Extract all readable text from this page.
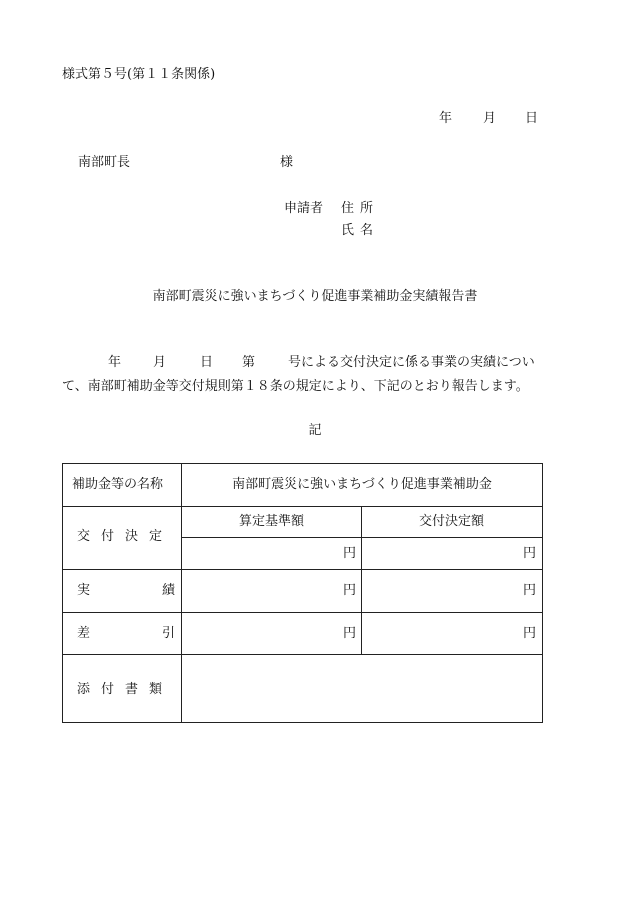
様式第５号(第１１条関係)
年 月 日
南部町長	様
申請者 住所
氏名
南部町震災に強いまちづくり促進事業補助金実績報告書
年 月	日 第	号による交付決定に係る事業の実績につい
て、南部町補助金等交付規則第１８条の規定により、下記のとおり報告します。
記
補助金等の名称	南部町震災に強いまちづくり促進事業補助金
交付決定
算定基準額	交付決定額
円	円
実績	円	円
差引	円	円
添付書類
